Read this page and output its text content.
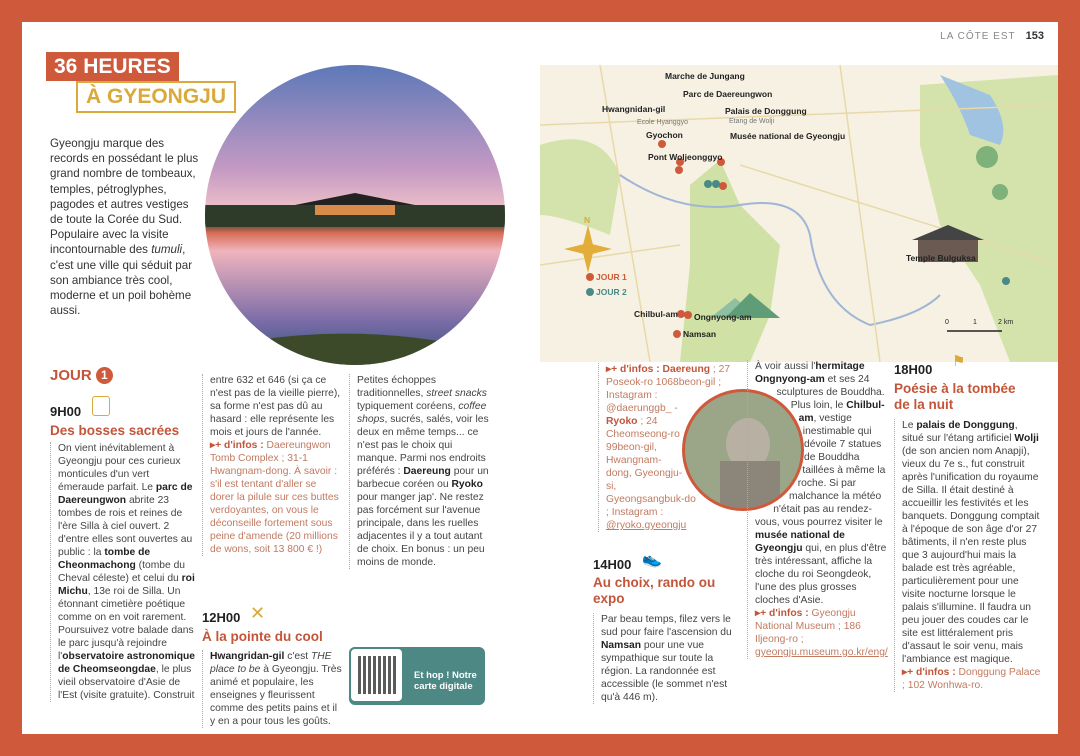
LA CÔTE EST 153
36 HEURES
À GYEONGJU
Gyeongju marque des records en possédant le plus grand nombre de tombeaux, temples, pétroglyphes, pagodes et autres vestiges de toute la Corée du Sud. Populaire avec la visite incontournable des tumuli, c'est une ville qui séduit par son ambiance très cool, moderne et un poil bohème aussi.
Marche de Jungang
Parc de Daereungwon
Hwangnidan-gil	Palais de Donggung
Etang de Wolji
Ecole Hyanggyo
Gyochon	Musée national de Gyeongju
Pont Woljeonggyo
Temple Bulguksa
Chilbul-am Ongnyong-am
Namsan
N
JOUR 1
JOUR 2
0	1	2 km
JOUR 1
9H00
Des bosses sacrées
On vient inévitablement à Gyeongju pour ces curieux monticules d'un vert émeraude parfait. Le parc de Daereungwon abrite 23 tombes de rois et reines de l'ère Silla à ciel ouvert. 2 d'entre elles sont ouvertes au public : la tombe de Cheonmachong (tombe du Cheval céleste) et celui du roi Michu, 13e roi de Silla. Un étonnant cimetière poétique comme on en voit rarement. Poursuivez votre balade dans le parc jusqu'à rejoindre l'observatoire astronomique de Cheomseongdae, le plus vieil observatoire d'Asie de l'Est (visite gratuite). Construit
entre 632 et 646 (si ça ce n'est pas de la vieille pierre), sa forme n'est pas dû au hasard : elle représente les mois et jours de l'année.
▸+ d'infos : Daereungwon Tomb Complex ; 31-1 Hwangnam-dong. À savoir : s'il est tentant d'aller se dorer la pilule sur ces buttes verdoyantes, on vous le déconseille fortement sous peine d'amende (20 millions de wons, soit 13 800 € !)
12H00 ✕
À la pointe du cool
Hwangridan-gil c'est THE place to be à Gyeongju. Très animé et populaire, les enseignes y fleurissent comme des petits pains et il y en a pour tous les goûts.
Petites échoppes traditionnelles, street snacks typiquement coréens, coffee shops, sucrés, salés, voir les deux en même temps... ce n'est pas le choix qui manque. Parmi nos endroits préférés : Daereung pour un barbecue coréen ou Ryoko pour manger jap'. Ne restez pas forcément sur l'avenue principale, dans les ruelles adjacentes il y a tout autant de choix. En bonus : un peu moins de monde.
Et hop ! Notre carte digitale
▸+ d'infos : Daereung ; 27 Poseok-ro 1068beon-gil ; Instagram : @daerunggb_ - Ryoko ; 24 Cheomseong-ro 99beon-gil, Hwangnam-dong, Gyeongju-si, Gyeongsangbuk-do ; Instagram : @ryoko.gyeongju
14H00 👟
Au choix, rando ou expo
Par beau temps, filez vers le sud pour faire l'ascension du Namsan pour une vue sympathique sur toute la région. La randonnée est accessible (le sommet n'est qu'à 446 m).
À voir aussi l'hermitage Ongnyong-am et ses 24 sculptures de Bouddha. Plus loin, le Chilbul-am, vestige inestimable qui dévoile 7 statues de Bouddha taillées à même la roche. Si par malchance la météo n'était pas au rendez-vous, vous pourrez visiter le musée national de Gyeongju qui, en plus d'être très intéressant, affiche la cloche du roi Seongdeok, l'une des plus grosses cloches d'Asie.
▸+ d'infos : Gyeongju National Museum ; 186 Iljeong-ro ; gyeongju.museum.go.kr/eng/
18H00 ⚑
Poésie à la tombée de la nuit
Le palais de Donggung, situé sur l'étang artificiel Wolji (de son ancien nom Anapji), vieux du 7e s., fut construit après l'unification du royaume de Silla. Il était destiné à accueillir les festivités et les banquets. Donggung comptait à l'époque de son âge d'or 27 bâtiments, il n'en reste plus que 3 aujourd'hui mais la balade est très agréable, particulièrement pour une visite nocturne lorsque le palais s'illumine. Il faudra un peu jouer des coudes car le site est littéralement pris d'assaut le soir venu, mais l'ambiance est magique.
▸+ d'infos : Donggung Palace ; 102 Wonhwa-ro.
